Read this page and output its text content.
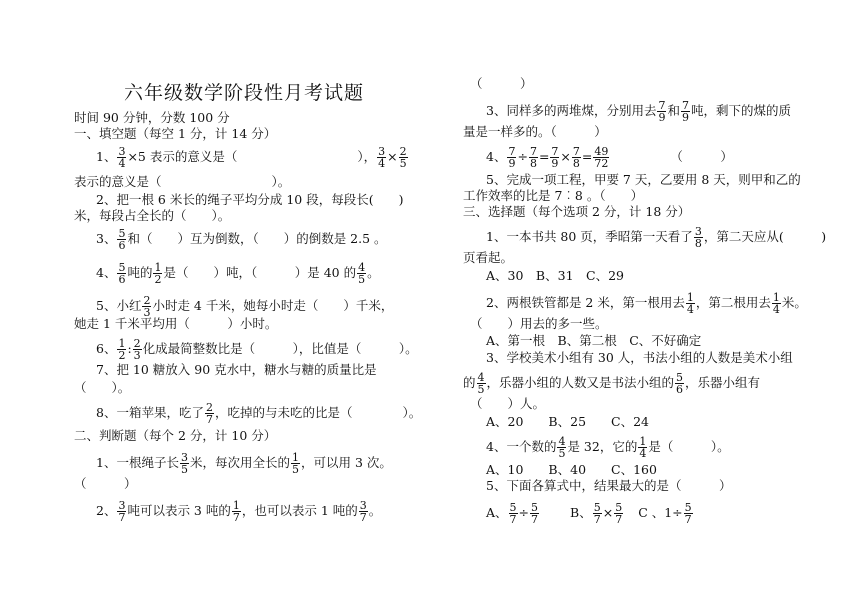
六年级数学阶段性月考试题
时间 90 分钟，分数 100 分
一、填空题（每空 1 分，计 14 分）
1、 $\frac{3}{4} \times 5$ 表示的意义是（	）， $\frac{3}{4} \times \frac{2}{5}$
表示的意义是（	）。
2、把一根 6 米长的绳子平均分成 10 段，每段长(　　)
米，每段占全长的（　　）。
3、 $\frac{5}{6}$ 和（　　）互为倒数，（　　）的倒数是 2.5 。
4、 $\frac{5}{6}$ 吨的 $\frac{1}{2}$ 是（　　）吨，（　　　）是 40 的 $\frac{4}{5}$ 。
5、小红 $\frac{2}{3}$ 小时走 4 千米，她每小时走（　　）千米，
她走 1 千米平均用（　　　）小时。
6、 $\frac{1}{2}$ : $\frac{2}{3}$ 化成最简整数比是（　　　），比值是（　　　）。
7、把 10 糖放入 90 克水中，糖水与糖的质量比是
（　　）。
8、一箱苹果，吃了 $\frac{2}{7}$ ，吃掉的与未吃的比是（　　　　）。
二、判断题（每个 2 分，计 10 分）
1、一根绳子长 $\frac{3}{5}$ 米，每次用全长的 $\frac{1}{5}$ ，可以用 3 次。
（　　　）
2、 $\frac{3}{7}$ 吨可以表示 3 吨的 $\frac{1}{7}$ ，也可以表示 1 吨的 $\frac{3}{7}$ 。
（　　　）
3、同样多的两堆煤，分别用去 $\frac{7}{9}$ 和 $\frac{7}{9}$ 吨，剩下的煤的质
量是一样多的。（　　　）
4、 $\frac{7}{9} \div \frac{7}{8} = \frac{7}{9} \times \frac{7}{8} = \frac{49}{72}$	（　　　）
5、完成一项工程，甲要 7 天，乙要用 8 天，则甲和乙的
工作效率的比是 7︰8 。（　　）
三、选择题（每个选项 2 分，计 18 分）
1、一本书共 80 页，季昭第一天看了 $\frac{3}{8}$ ，第二天应从(　　　)
页看起。
A、30　B、31　C、29
2、两根铁管都是 2 米，第一根用去 $\frac{1}{4}$ ，第二根用去 $\frac{1}{4}$ 米。
（　　）用去的多一些。
A、第一根　B、第二根　C、不好确定
3、学校美术小组有 30 人，书法小组的人数是美术小组
的 $\frac{4}{5}$ ，乐器小组的人数又是书法小组的 $\frac{5}{6}$ ，乐器小组有
（　　）人。
A、20　　B、25　　C、24
4、一个数的 $\frac{4}{5}$ 是 32，它的 $\frac{1}{4}$ 是（　　　）。
A、10　　B、40　　C、160
5、下面各算式中，结果最大的是（　　　）
A、 $\frac{5}{7} \div \frac{5}{7}$ B、 $\frac{5}{7} \times \frac{5}{7}$ C 、$1\div \frac{5}{7}$
